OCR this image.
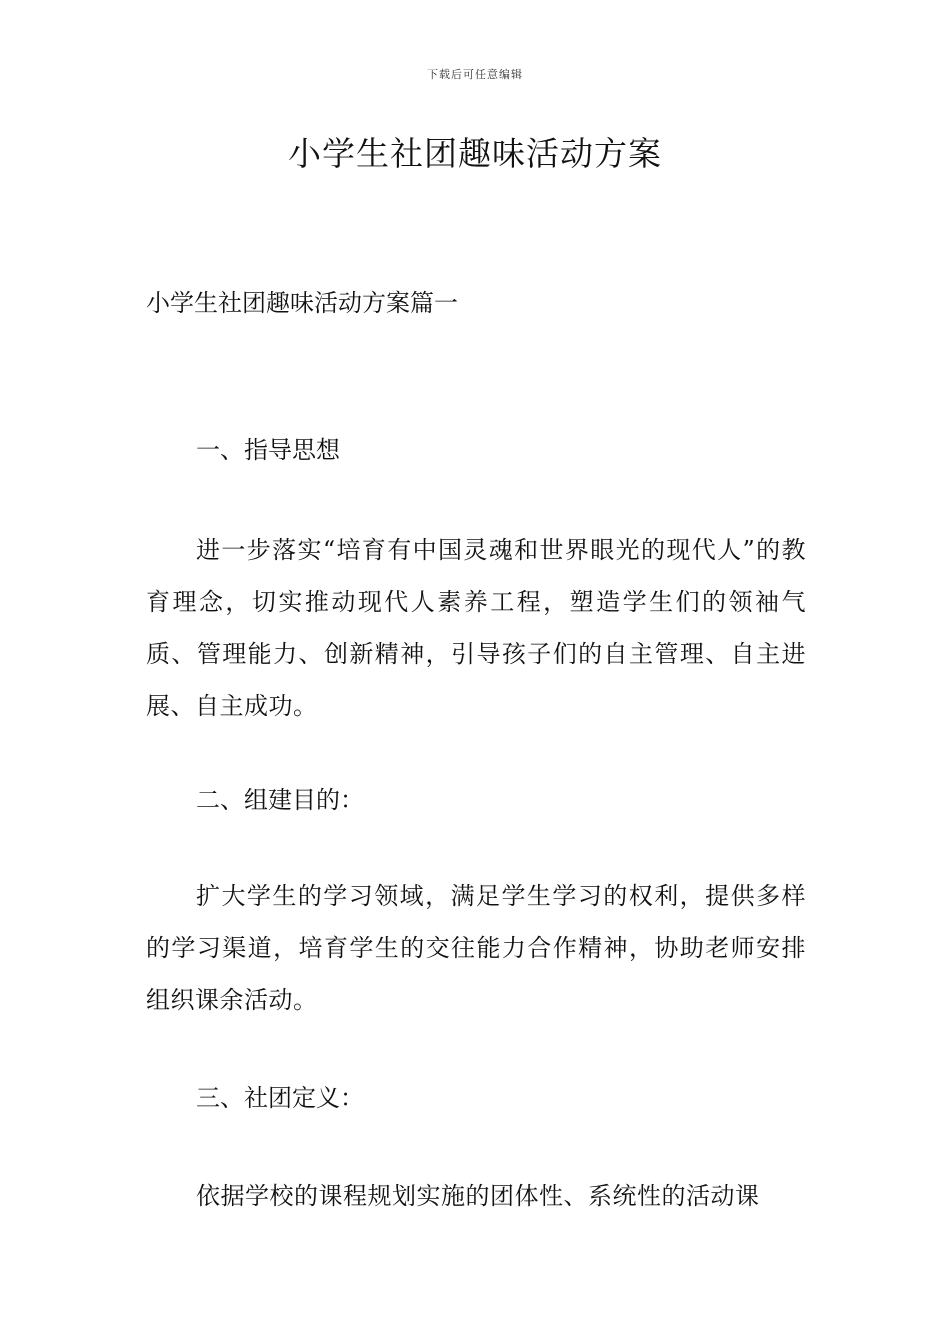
下载后可任意编辑
小学生社团趣味活动方案
小学生社团趣味活动方案篇一
一、指导思想

进一步落实“培育有中国灵魂和世界眼光的现代人”的教育理念，切实推动现代人素养工程，塑造学生们的领袖气质、管理能力、创新精神，引导孩子们的自主管理、自主进展、自主成功。

二、组建目的：

扩大学生的学习领域，满足学生学习的权利，提供多样的学习渠道，培育学生的交往能力合作精神，协助老师安排组织课余活动。

三、社团定义：

依据学校的课程规划实施的团体性、系统性的活动课
